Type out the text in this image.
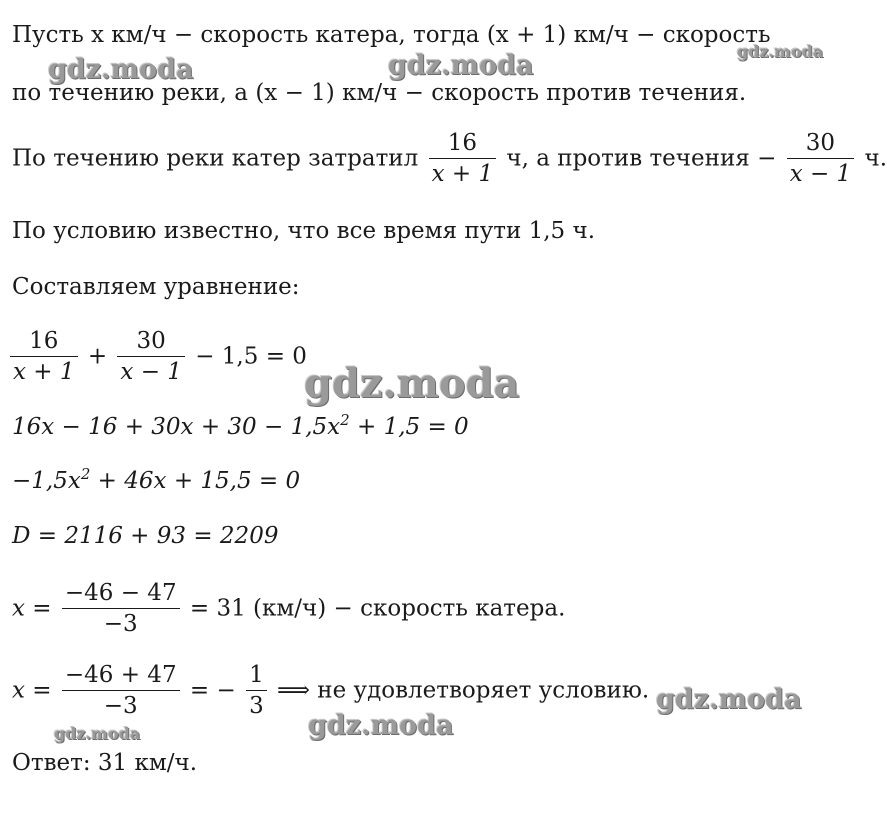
Пусть x км/ч − скорость катера, тогда (x + 1) км/ч − скорость
по течению реки, а (x − 1) км/ч − скорость против течения.
По течению реки катер затратил $\frac{16}{x + 1} ч$, а против течения − $\frac{30}{x - 1} ч$.
По условию известно, что все время пути 1,5 ч.
Составляем уравнение:
$\frac{16}{x + 1} + \frac{30}{x - 1} - 1,5 = 0$
$16x - 16 + 30x + 30 - 1,5x^2 + 1,5 = 0$
$-1,5x^2 + 46x + 15,5 = 0$
D = 2116 + 93 = 2209
$x = \frac{-46 - 47}{-3} = 31$ (км/ч) − скорость катера.
$x = \frac{-46 + 47}{-3}$ = − $\frac{1}{3}$ ⟹ не удовлетворяет условию.
Ответ: 31 км/ч.
gdz.moda
gdz.moda	gdz.moda
gdz.moda
gdz.moda
gdz.moda
gdz.moda
